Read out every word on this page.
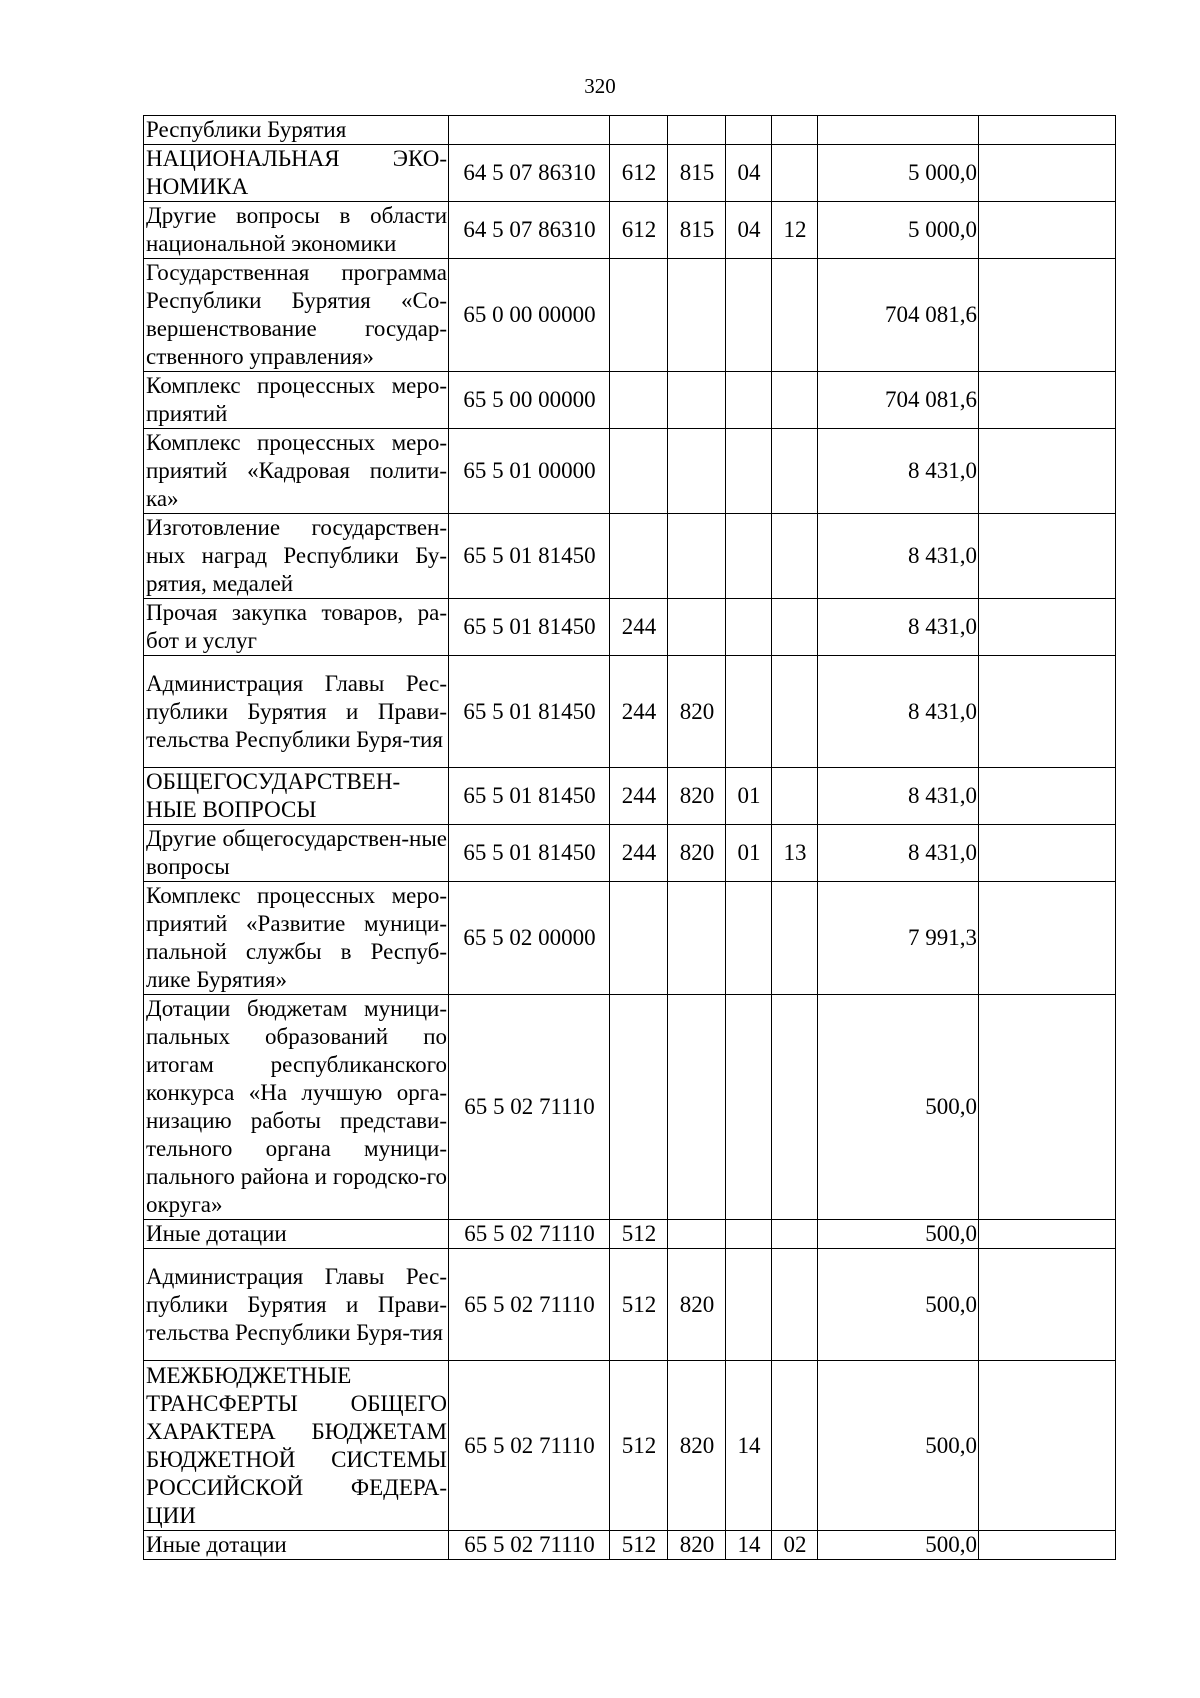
320
Республики Бурятия							
НАЦИОНАЛЬНАЯ ЭКО-НОМИКА	64 5 07 86310	612	815	04		5 000,0	
Другие вопросы в области национальной экономики	64 5 07 86310	612	815	04	12	5 000,0	
Государственная программа Республики Бурятия «Со-вершенствование государ-ственного управления»	65 0 00 00000					704 081,6	
Комплекс процессных меро-приятий	65 5 00 00000					704 081,6	
Комплекс процессных меро-приятий «Кадровая полити-ка»	65 5 01 00000					8 431,0	
Изготовление государствен-ных наград Республики Бу-рятия, медалей	65 5 01 81450					8 431,0	
Прочая закупка товаров, ра-бот и услуг	65 5 01 81450	244				8 431,0	
Администрация Главы Рес-публики Бурятия и Прави-тельства Республики Буря-тия	65 5 01 81450	244	820			8 431,0	
ОБЩЕГОСУДАРСТВЕН-НЫЕ ВОПРОСЫ	65 5 01 81450	244	820	01		8 431,0	
Другие общегосударствен-ные вопросы	65 5 01 81450	244	820	01	13	8 431,0	
Комплекс процессных меро-приятий «Развитие муници-пальной службы в Респуб-лике Бурятия»	65 5 02 00000					7 991,3	
Дотации бюджетам муници-пальных образований по итогам республиканского конкурса «На лучшую орга-низацию работы представи-тельного органа муници-пального района и городско-го округа»	65 5 02 71110					500,0	
Иные дотации	65 5 02 71110	512				500,0	
Администрация Главы Рес-публики Бурятия и Прави-тельства Республики Буря-тия	65 5 02 71110	512	820			500,0	
МЕЖБЮДЖЕТНЫЕ ТРАНСФЕРТЫ ОБЩЕГО ХАРАКТЕРА БЮДЖЕТАМ БЮДЖЕТНОЙ СИСТЕМЫ РОССИЙСКОЙ ФЕДЕРА-ЦИИ	65 5 02 71110	512	820	14		500,0	
Иные дотации	65 5 02 71110	512	820	14	02	500,0	
